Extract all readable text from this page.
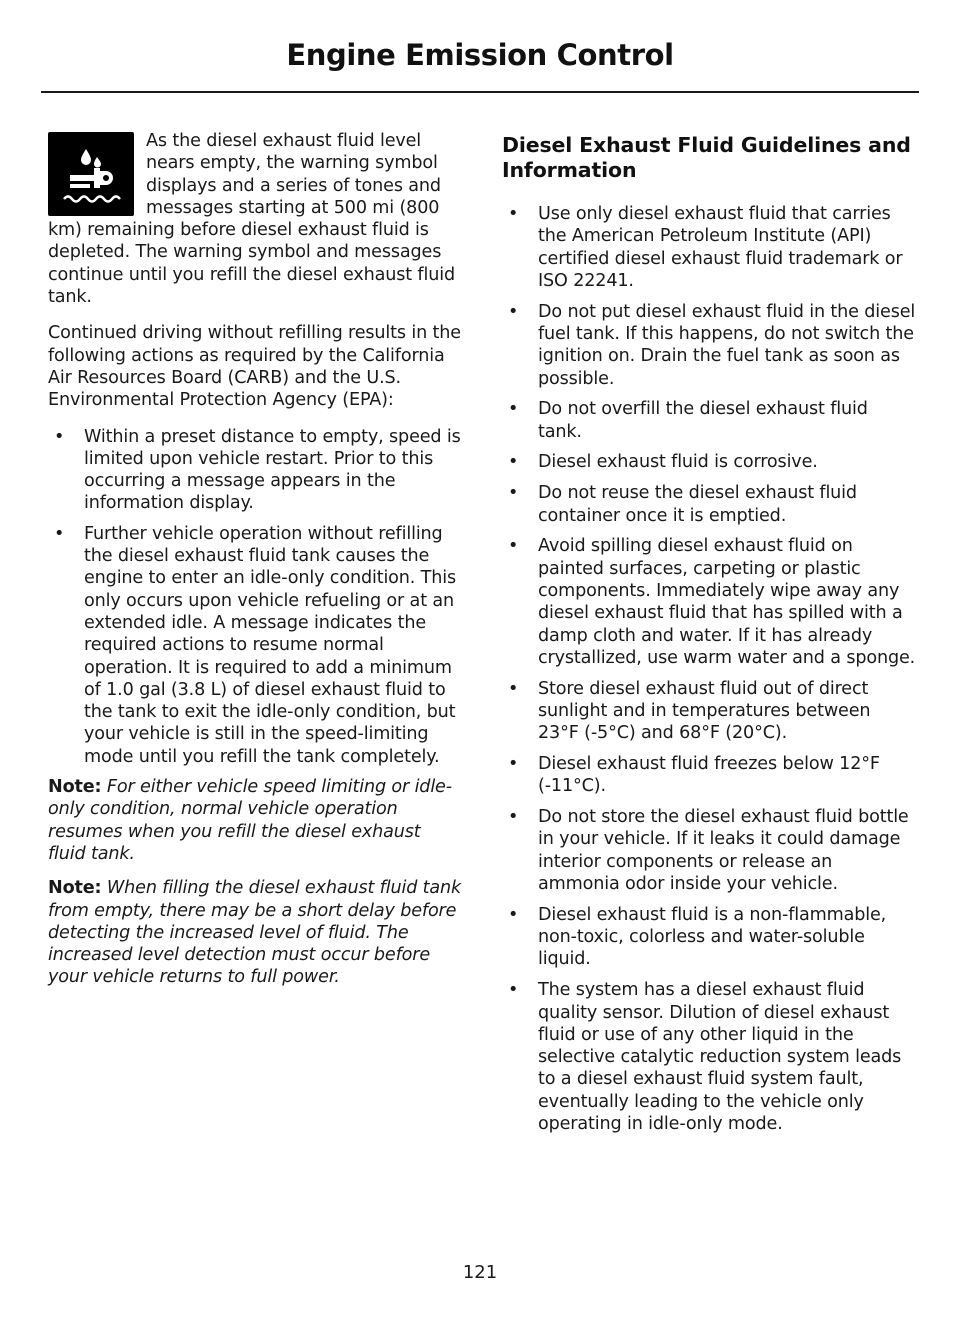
Engine Emission Control

As the diesel exhaust fluid level nears empty, the warning symbol displays and a series of tones and messages starting at 500 mi (800 km) remaining before diesel exhaust fluid is depleted. The warning symbol and messages continue until you refill the diesel exhaust fluid tank.

Continued driving without refilling results in the following actions as required by the California Air Resources Board (CARB) and the U.S. Environmental Protection Agency (EPA):

• Within a preset distance to empty, speed is limited upon vehicle restart. Prior to this occurring a message appears in the information display.
• Further vehicle operation without refilling the diesel exhaust fluid tank causes the engine to enter an idle-only condition. This only occurs upon vehicle refueling or at an extended idle. A message indicates the required actions to resume normal operation. It is required to add a minimum of 1.0 gal (3.8 L) of diesel exhaust fluid to the tank to exit the idle-only condition, but your vehicle is still in the speed-limiting mode until you refill the tank completely.

Note: For either vehicle speed limiting or idle-only condition, normal vehicle operation resumes when you refill the diesel exhaust fluid tank.

Note: When filling the diesel exhaust fluid tank from empty, there may be a short delay before detecting the increased level of fluid. The increased level detection must occur before your vehicle returns to full power.

Diesel Exhaust Fluid Guidelines and Information
• Use only diesel exhaust fluid that carries the American Petroleum Institute (API) certified diesel exhaust fluid trademark or ISO 22241.
• Do not put diesel exhaust fluid in the diesel fuel tank. If this happens, do not switch the ignition on. Drain the fuel tank as soon as possible.
• Do not overfill the diesel exhaust fluid tank.
• Diesel exhaust fluid is corrosive.
• Do not reuse the diesel exhaust fluid container once it is emptied.
• Avoid spilling diesel exhaust fluid on painted surfaces, carpeting or plastic components. Immediately wipe away any diesel exhaust fluid that has spilled with a damp cloth and water. If it has already crystallized, use warm water and a sponge.
• Store diesel exhaust fluid out of direct sunlight and in temperatures between 23°F (-5°C) and 68°F (20°C).
• Diesel exhaust fluid freezes below 12°F (-11°C).
• Do not store the diesel exhaust fluid bottle in your vehicle. If it leaks it could damage interior components or release an ammonia odor inside your vehicle.
• Diesel exhaust fluid is a non-flammable, non-toxic, colorless and water-soluble liquid.
• The system has a diesel exhaust fluid quality sensor. Dilution of diesel exhaust fluid or use of any other liquid in the selective catalytic reduction system leads to a diesel exhaust fluid system fault, eventually leading to the vehicle only operating in idle-only mode.
121
